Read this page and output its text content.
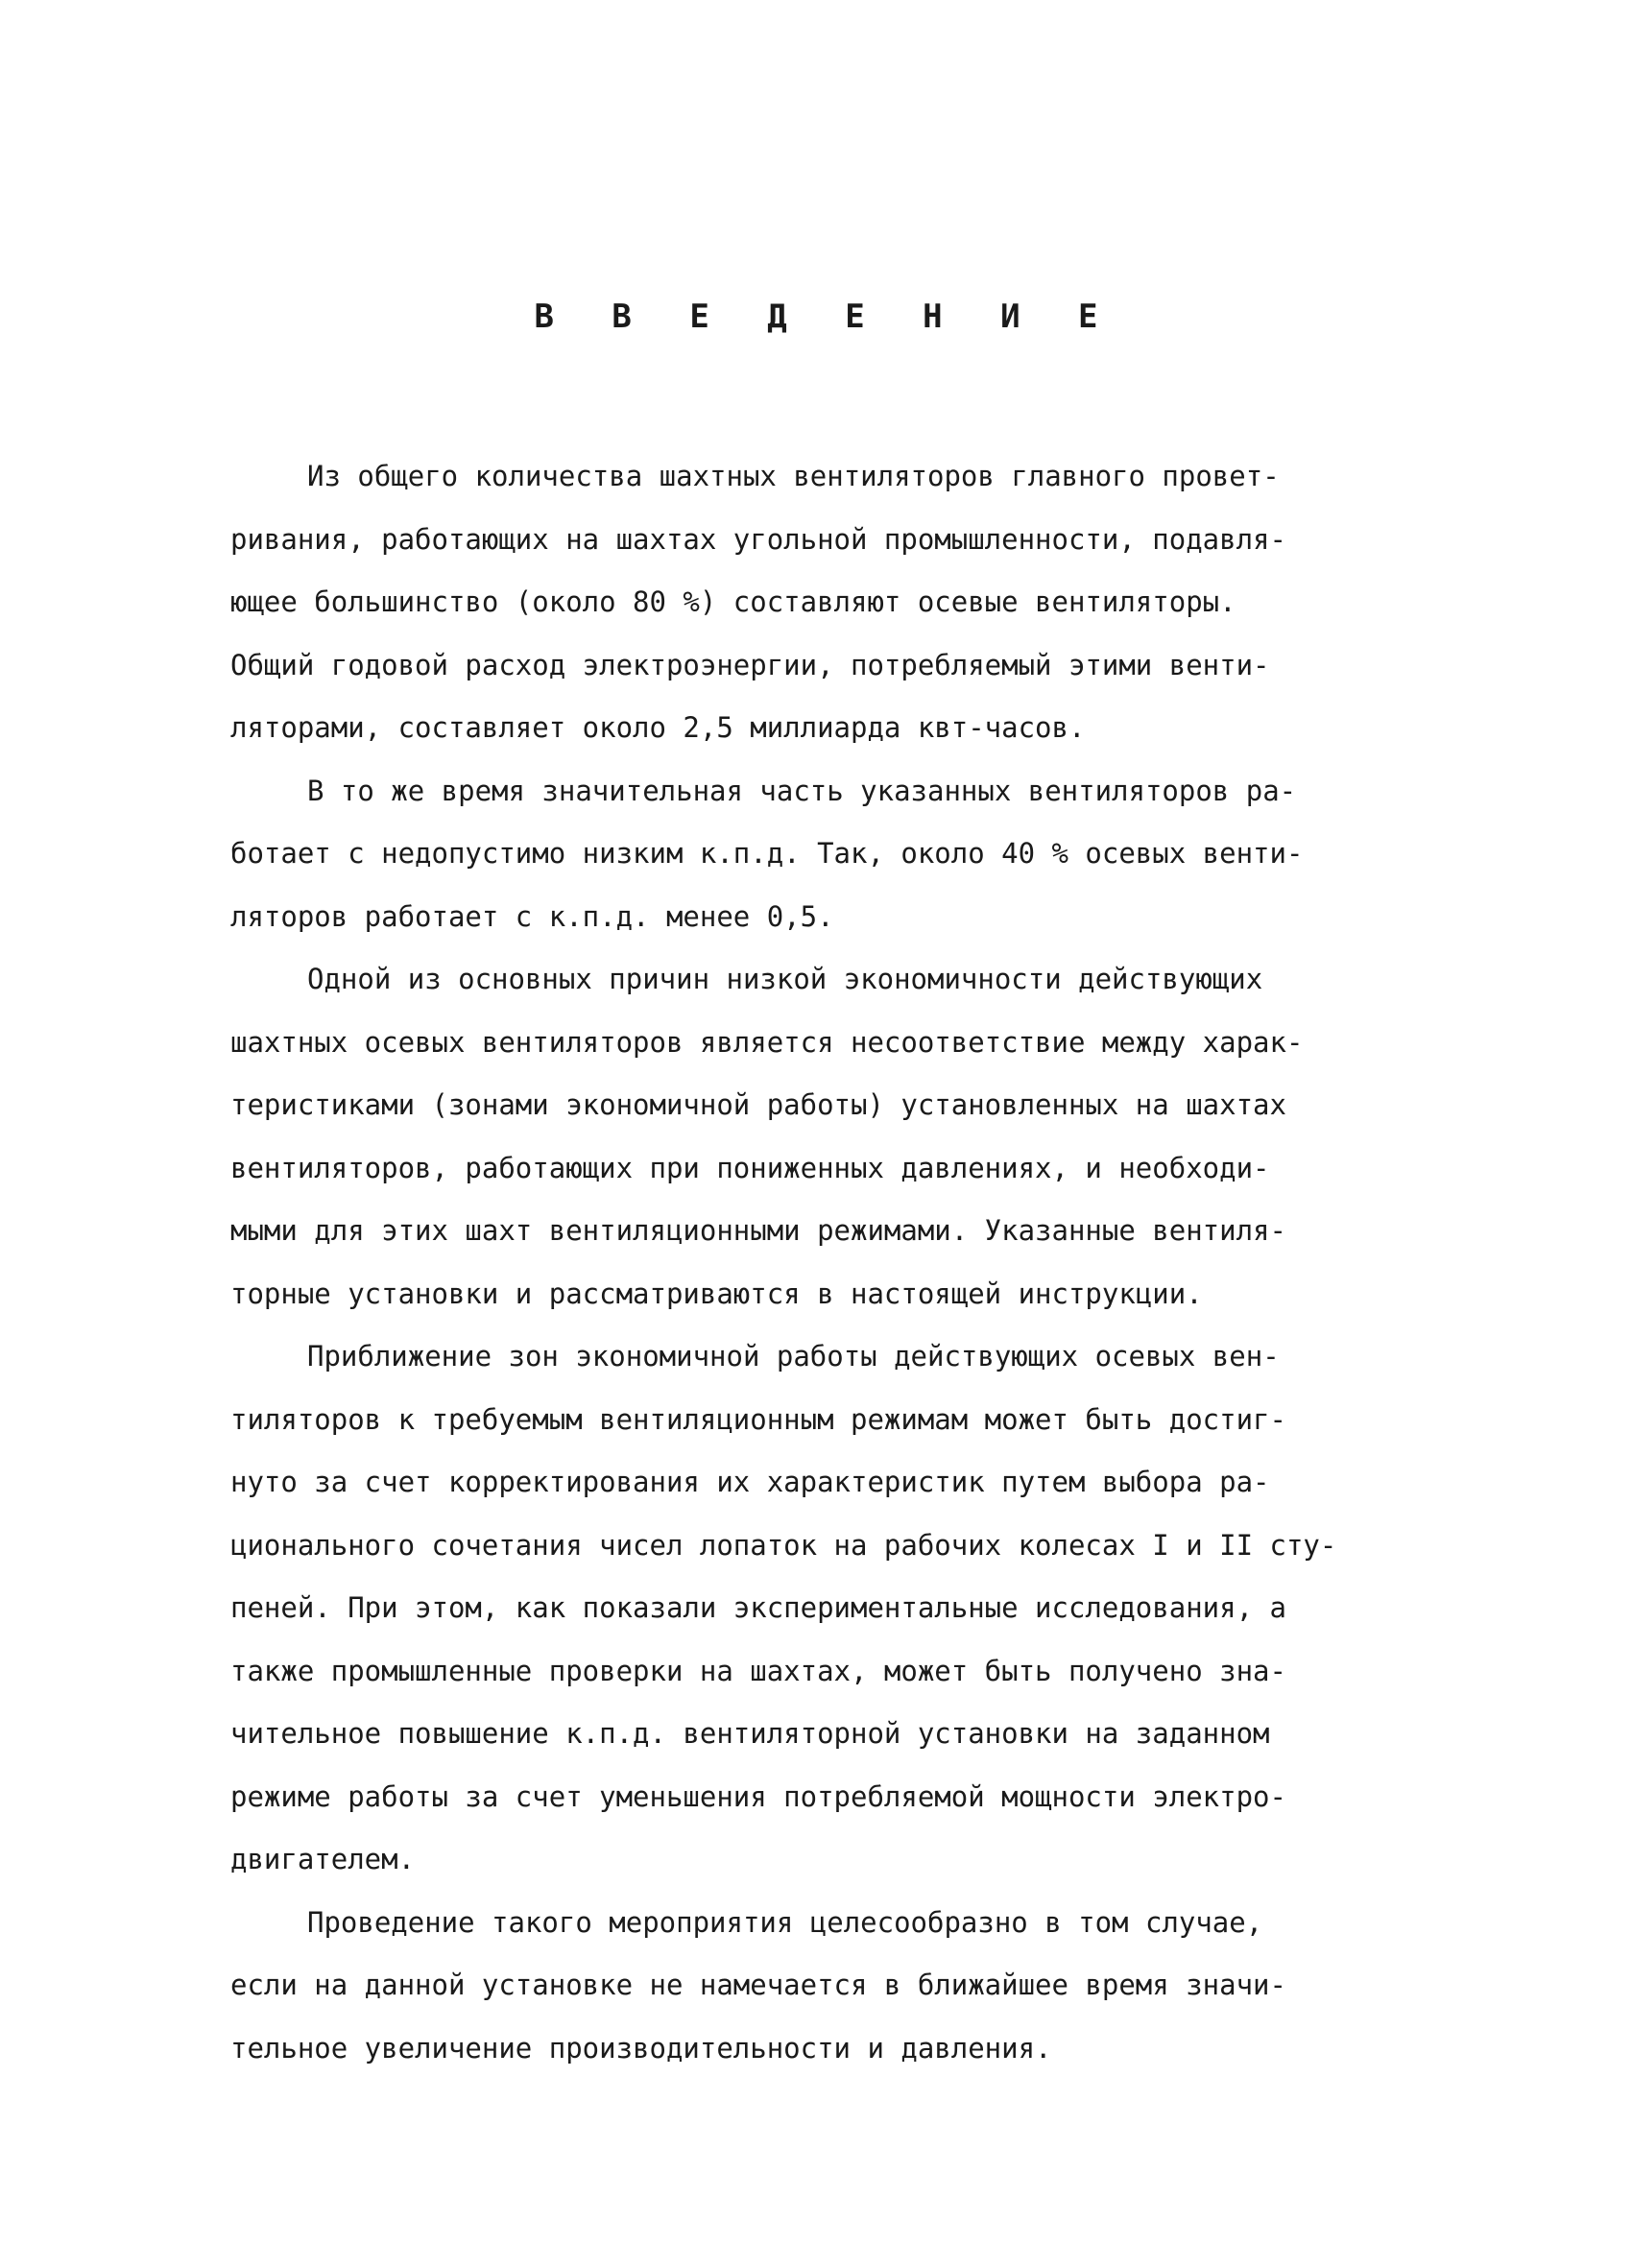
В В Е Д Е Н И Е
Из общего количества шахтных вентиляторов главного провет-
ривания, работающих на шахтах угольной промышленности, подавля-
ющее большинство (около 80 %) составляют осевые вентиляторы.
Общий годовой расход электроэнергии, потребляемый этими венти-
ляторами, составляет около 2,5 миллиарда квт-часов.
В то же время значительная часть указанных вентиляторов ра-
ботает с недопустимо низким к.п.д. Так, около 40 % осевых венти-
ляторов работает с к.п.д. менее 0,5.
Одной из основных причин низкой экономичности действующих
шахтных осевых вентиляторов является несоответствие между харак-
теристиками (зонами экономичной работы) установленных на шахтах
вентиляторов, работающих при пониженных давлениях, и необходи-
мыми для этих шахт вентиляционными режимами. Указанные вентиля-
торные установки и рассматриваются в настоящей инструкции.
Приближение зон экономичной работы действующих осевых вен-
тиляторов к требуемым вентиляционным режимам может быть достиг-
нуто за счет корректирования их характеристик путем выбора ра-
ционального сочетания чисел лопаток на рабочих колесах I и II сту-
пеней. При этом, как показали экспериментальные исследования, а
также промышленные проверки на шахтах, может быть получено зна-
чительное повышение к.п.д. вентиляторной установки на заданном
режиме работы за счет уменьшения потребляемой мощности электро-
двигателем.
Проведение такого мероприятия целесообразно в том случае,
если на данной установке не намечается в ближайшее время значи-
тельное увеличение производительности и давления.
